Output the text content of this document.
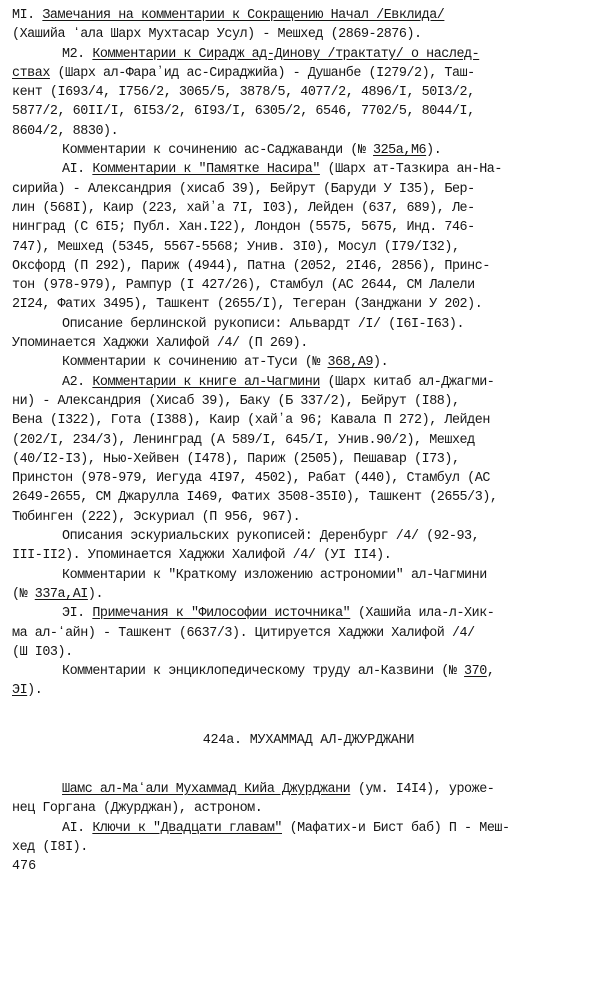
MI. Замечания на комментарии к Сокращению Начал /Евклида/
(Хашийа ʻала Шарх Мухтасар Усул) - Мешхед (2869-2876).
M2. Комментарии к Сирадж ад-Динову /трактату/ о наслед-
ствах (Шарх ал-Фараʼид ас-Сираджийа) - Душанбе (I279/2), Таш-
кент (I693/4, I756/2, 3065/5, 3878/5, 4077/2, 4896/I, 50I3/2,
5877/2, 60II/I, 6I53/2, 6I93/I, 6305/2, 6546, 7702/5, 8044/I,
8604/2, 8830).
Комментарии к сочинению ас-Саджаванди (№ 325а,М6).
AI. Комментарии к "Памятке Насира" (Шарх ат-Тазкира ан-На-
сирийа) - Александрия (хисаб 39), Бейрут (Баруди У I35), Бер-
лин (568I), Каир (223, хайʼа 7I, I03), Лейден (637, 689), Ле-
нинград (С 6I5; Публ. Хан.I22), Лондон (5575, 5675, Инд. 746-
747), Мешхед (5345, 5567-5568; Унив. 3I0), Мосул (I79/I32),
Оксфорд (П 292), Париж (4944), Патна (2052, 2I46, 2856), Принс-
тон (978-979), Рампур (I 427/26), Стамбул (АС 2644, СМ Лалели
2I24, Фатих 3495), Ташкент (2655/I), Тегеран (Занджани У 202).
Описание берлинской рукописи: Альвардт /I/ (I6I-I63).
Упоминается Хаджжи Халифой /4/ (П 269).
Комментарии к сочинению ат-Туси (№ 368,А9).
A2. Комментарии к книге ал-Чагмини (Шарх китаб ал-Джагми-
ни) - Александрия (Хисаб 39), Баку (Б 337/2), Бейрут (I88),
Вена (I322), Гота (I388), Каир (хайʼа 96; Кавала П 272), Лейден
(202/I, 234/3), Ленинград (А 589/I, 645/I, Унив.90/2), Мешхед
(40/I2-I3), Нью-Хейвен (I478), Париж (2505), Пешавар (I73),
Принстон (978-979, Иегуда 4I97, 4502), Рабат (440), Стамбул (АС
2649-2655, СМ Джарулла I469, Фатих 3508-35I0), Ташкент (2655/3),
Тюбинген (222), Эскуриал (П 956, 967).
Описания эскуриальских рукописей: Деренбург /4/ (92-93,
III-II2). Упоминается Хаджжи Халифой /4/ (УI II4).
Комментарии к "Краткому изложению астрономии" ал-Чагмини
(№ 337а,АI).
ЭI. Примечания к "Философии источника" (Хашийа ила-л-Хик-
ма ал-ʻайн) - Ташкент (6637/3). Цитируется Хаджжи Халифой /4/
(Ш I03).
Комментарии к энциклопедическому труду ал-Казвини (№ 370,
ЭI).
424а. МУХАММАД АЛ-ДЖУРДЖАНИ
Шамс ал-Маʻали Мухаммад Кийа Джурджани (ум. I4I4), урожe-
нец Горгана (Джурджан), астроном.
AI. Ключи к "Двадцати главам" (Мафатих-и Бист баб) П - Меш-
хед (I8I).
476
